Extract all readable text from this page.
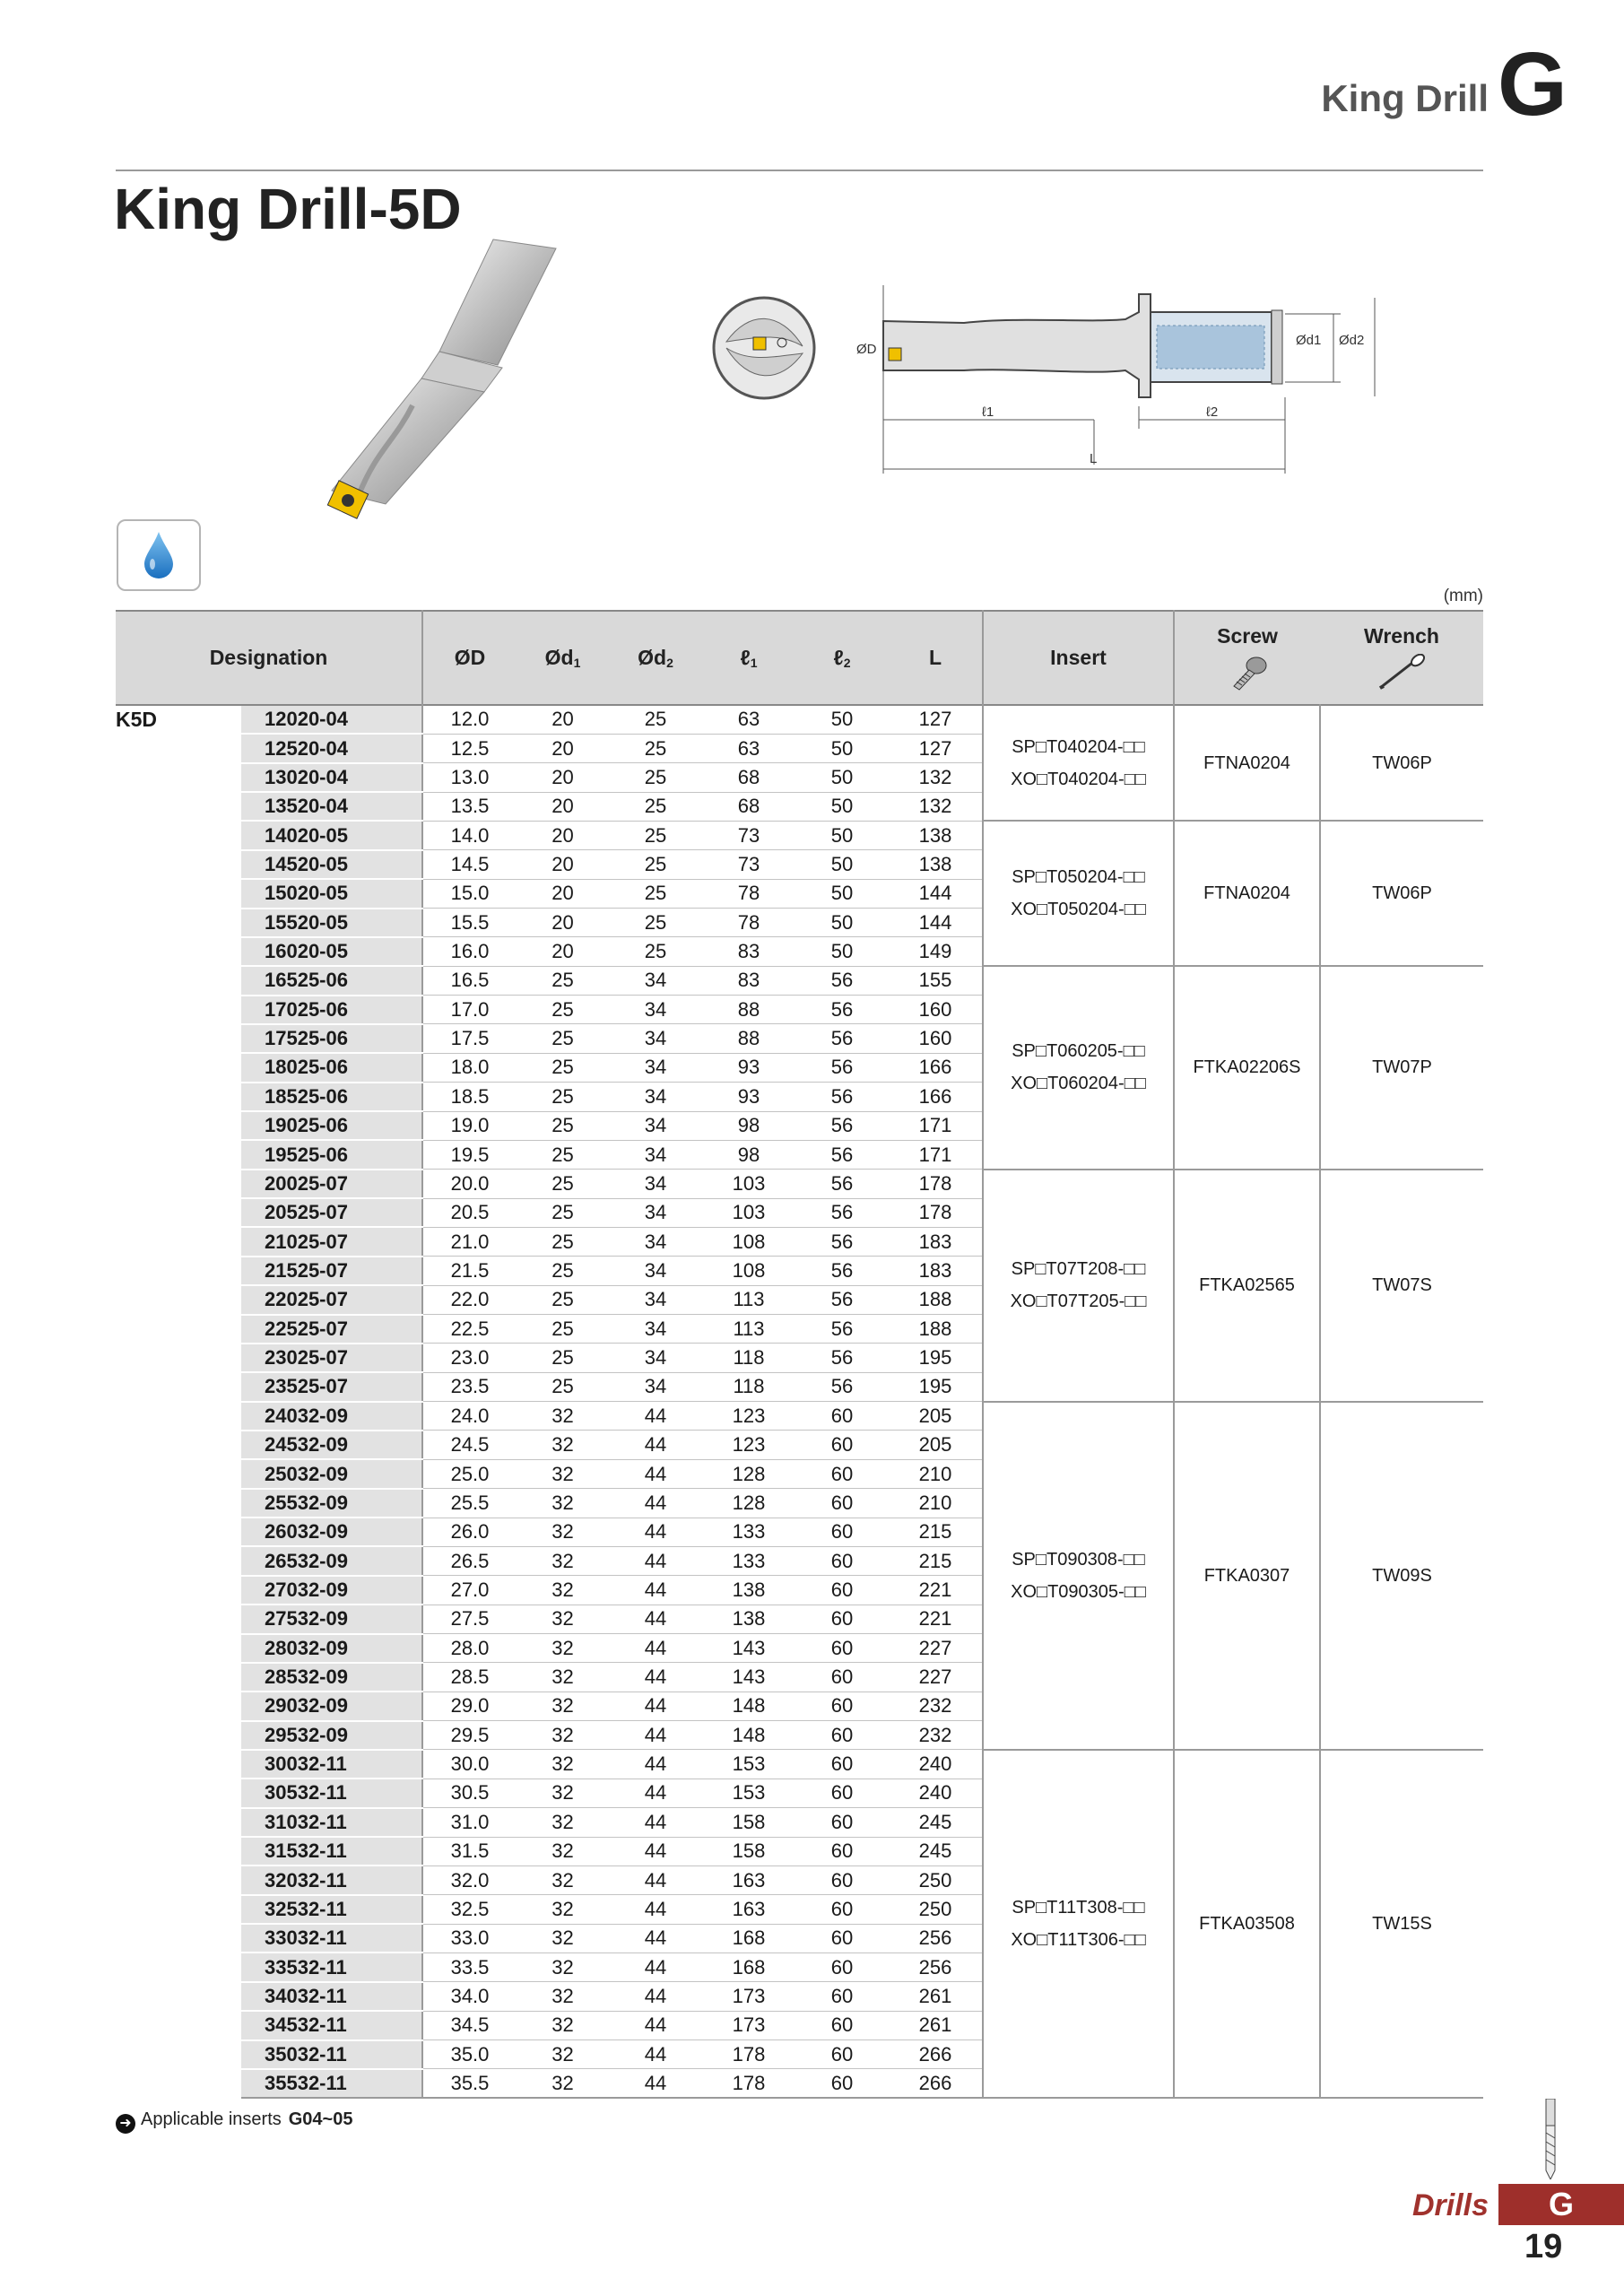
King Drill G
King Drill-5D
ØD
Ød1 Ød2
ℓ1	ℓ2
L
(mm)
Designation		ØD	Ød1	Ød2	ℓ1	ℓ2	L	Insert	Screw	Wrench

K5D	12020-04	12.0	20	25	63	50	127	SP□T040204-□□
XO□T040204-□□	FTNA0204	TW06P
	12520-04	12.5	20	25	63	50	127			
	13020-04	13.0	20	25	68	50	132			
	13520-04	13.5	20	25	68	50	132			
	14020-05	14.0	20	25	73	50	138	SP□T050204-□□
XO□T050204-□□	FTNA0204	TW06P
	14520-05	14.5	20	25	73	50	138			
	15020-05	15.0	20	25	78	50	144			
	15520-05	15.5	20	25	78	50	144			
	16020-05	16.0	20	25	83	50	149			
	16525-06	16.5	25	34	83	56	155	SP□T060205-□□
XO□T060204-□□	FTKA02206S	TW07P
	17025-06	17.0	25	34	88	56	160			
	17525-06	17.5	25	34	88	56	160			
	18025-06	18.0	25	34	93	56	166			
	18525-06	18.5	25	34	93	56	166			
	19025-06	19.0	25	34	98	56	171			
	19525-06	19.5	25	34	98	56	171			
	20025-07	20.0	25	34	103	56	178	SP□T07T208-□□
XO□T07T205-□□	FTKA02565	TW07S
	20525-07	20.5	25	34	103	56	178			
	21025-07	21.0	25	34	108	56	183			
	21525-07	21.5	25	34	108	56	183			
	22025-07	22.0	25	34	113	56	188			
	22525-07	22.5	25	34	113	56	188			
	23025-07	23.0	25	34	118	56	195			
	23525-07	23.5	25	34	118	56	195			
	24032-09	24.0	32	44	123	60	205	SP□T090308-□□
XO□T090305-□□	FTKA0307	TW09S
	24532-09	24.5	32	44	123	60	205			
	25032-09	25.0	32	44	128	60	210			
	25532-09	25.5	32	44	128	60	210			
	26032-09	26.0	32	44	133	60	215			
	26532-09	26.5	32	44	133	60	215			
	27032-09	27.0	32	44	138	60	221			
	27532-09	27.5	32	44	138	60	221			
	28032-09	28.0	32	44	143	60	227			
	28532-09	28.5	32	44	143	60	227			
	29032-09	29.0	32	44	148	60	232			
	29532-09	29.5	32	44	148	60	232			
	30032-11	30.0	32	44	153	60	240	SP□T11T308-□□
XO□T11T306-□□	FTKA03508	TW15S
	30532-11	30.5	32	44	153	60	240			
	31032-11	31.0	32	44	158	60	245			
	31532-11	31.5	32	44	158	60	245			
	32032-11	32.0	32	44	163	60	250			
	32532-11	32.5	32	44	163	60	250			
	33032-11	33.0	32	44	168	60	256			
	33532-11	33.5	32	44	168	60	256			
	34032-11	34.0	32	44	173	60	261			
	34532-11	34.5	32	44	173	60	261			
	35032-11	35.0	32	44	178	60	266			
	35532-11	35.5	32	44	178	60	266			
➜ Applicable inserts G04~05
Drills	G
19
